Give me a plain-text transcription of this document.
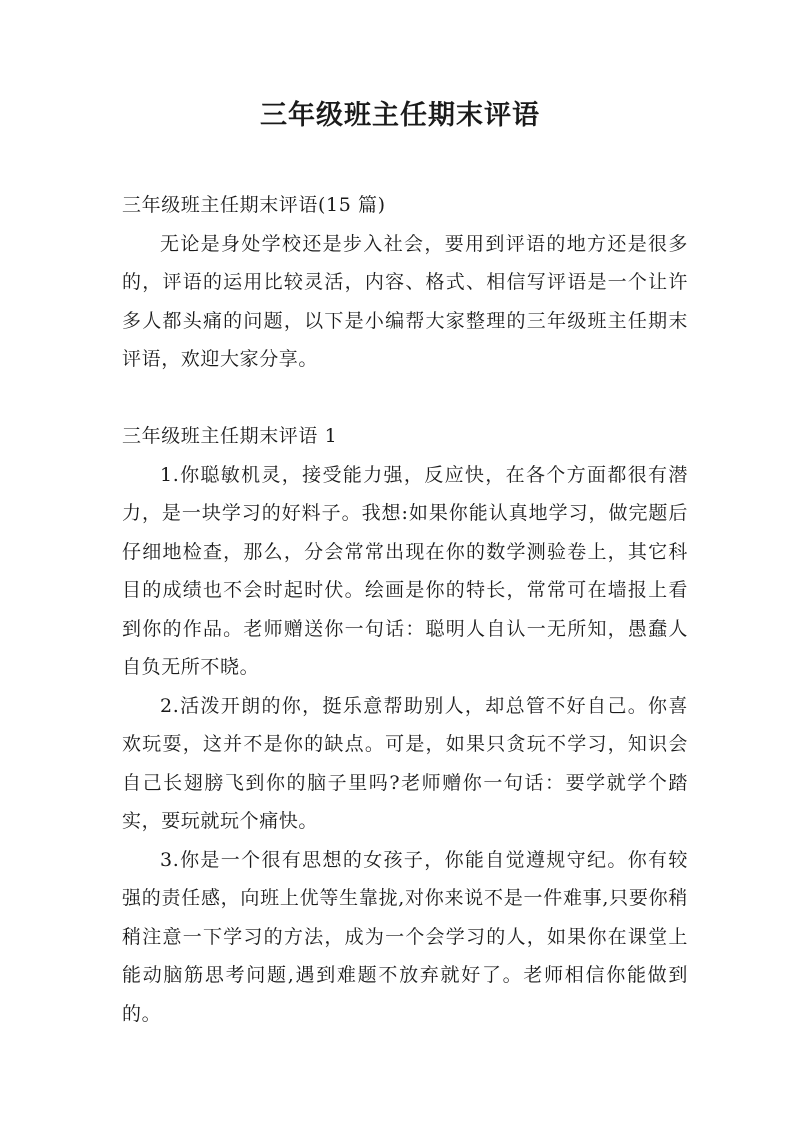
三年级班主任期末评语

三年级班主任期末评语(15 篇)

无论是身处学校还是步入社会，要用到评语的地方还是很多的，评语的运用比较灵活，内容、格式、相信写评语是一个让许多人都头痛的问题，以下是小编帮大家整理的三年级班主任期末评语，欢迎大家分享。

三年级班主任期末评语 1

1.你聪敏机灵，接受能力强，反应快，在各个方面都很有潜力，是一块学习的好料子。我想:如果你能认真地学习，做完题后仔细地检查，那么，分会常常出现在你的数学测验卷上，其它科目的成绩也不会时起时伏。绘画是你的特长，常常可在墙报上看到你的作品。老师赠送你一句话：聪明人自认一无所知，愚蠢人自负无所不晓。

2.活泼开朗的你，挺乐意帮助别人，却总管不好自己。你喜欢玩耍，这并不是你的缺点。可是，如果只贪玩不学习，知识会自己长翅膀飞到你的脑子里吗?老师赠你一句话：要学就学个踏实，要玩就玩个痛快。

3.你是一个很有思想的女孩子，你能自觉遵规守纪。你有较强的责任感，向班上优等生靠拢,对你来说不是一件难事,只要你稍稍注意一下学习的方法，成为一个会学习的人，如果你在课堂上能动脑筋思考问题,遇到难题不放弃就好了。老师相信你能做到的。
